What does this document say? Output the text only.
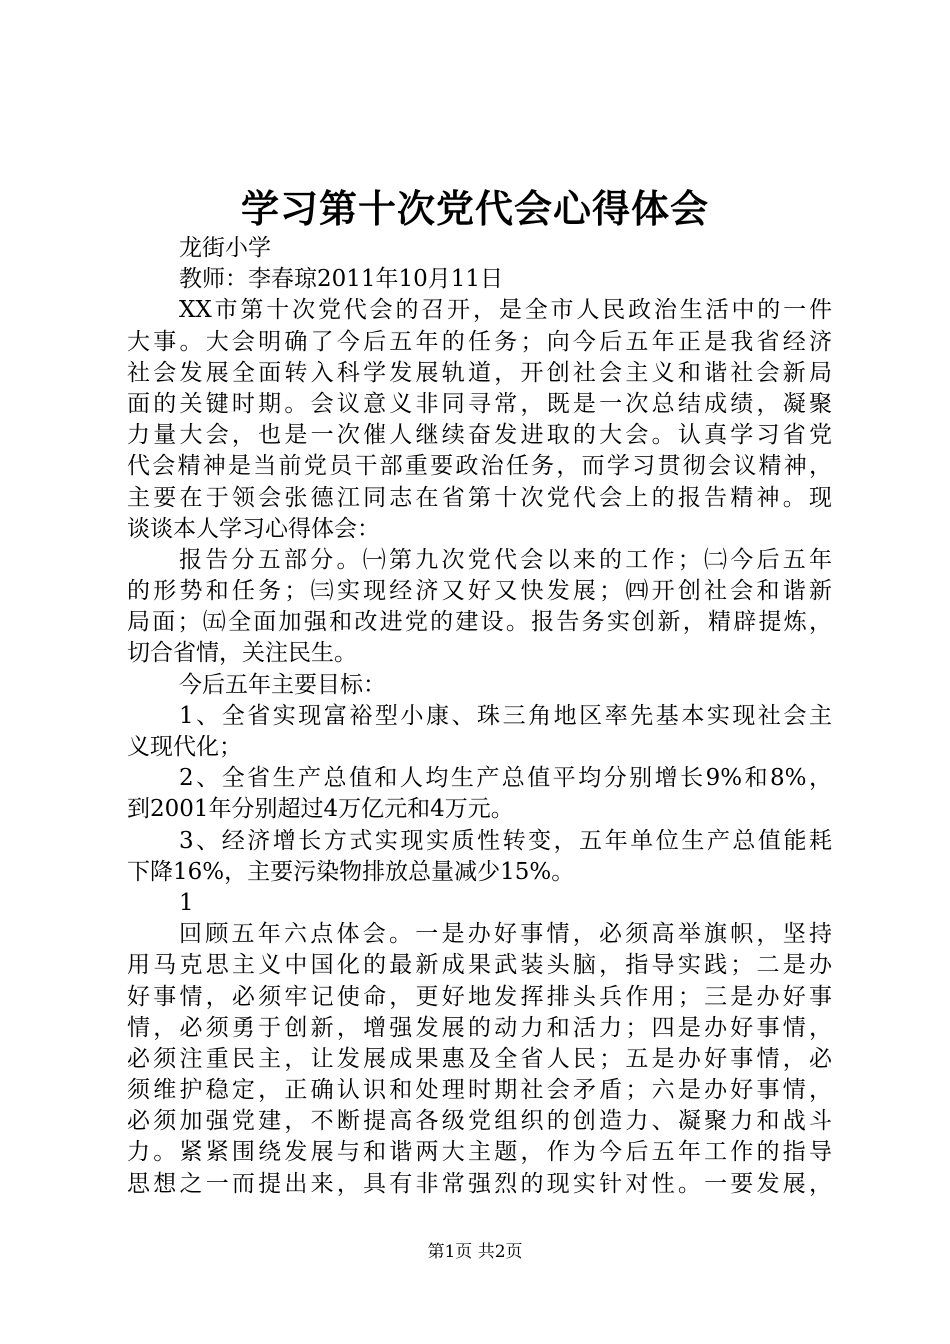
学习第十次党代会心得体会
龙街小学
教师：李春琼2011年10月11日
XX市第十次党代会的召开，是全市人民政治生活中的一件
大事。大会明确了今后五年的任务；向今后五年正是我省经济
社会发展全面转入科学发展轨道，开创社会主义和谐社会新局
面的关键时期。会议意义非同寻常，既是一次总结成绩，凝聚
力量大会，也是一次催人继续奋发进取的大会。认真学习省党
代会精神是当前党员干部重要政治任务，而学习贯彻会议精神，
主要在于领会张德江同志在省第十次党代会上的报告精神。现
谈谈本人学习心得体会：
报告分五部分。㈠第九次党代会以来的工作；㈡今后五年
的形势和任务；㈢实现经济又好又快发展；㈣开创社会和谐新
局面；㈤全面加强和改进党的建设。报告务实创新，精辟提炼，
切合省情，关注民生。
今后五年主要目标：
1、全省实现富裕型小康、珠三角地区率先基本实现社会主
义现代化；
2、全省生产总值和人均生产总值平均分别增长9%和8%，
到2001年分别超过4万亿元和4万元。
3、经济增长方式实现实质性转变，五年单位生产总值能耗
下降16%，主要污染物排放总量减少15%。
1
回顾五年六点体会。一是办好事情，必须高举旗帜，坚持
用马克思主义中国化的最新成果武装头脑，指导实践；二是办
好事情，必须牢记使命，更好地发挥排头兵作用；三是办好事
情，必须勇于创新，增强发展的动力和活力；四是办好事情，
必须注重民主，让发展成果惠及全省人民；五是办好事情，必
须维护稳定，正确认识和处理时期社会矛盾；六是办好事情，
必须加强党建，不断提高各级党组织的创造力、凝聚力和战斗
力。紧紧围绕发展与和谐两大主题，作为今后五年工作的指导
思想之一而提出来，具有非常强烈的现实针对性。一要发展，
第1页 共2页
